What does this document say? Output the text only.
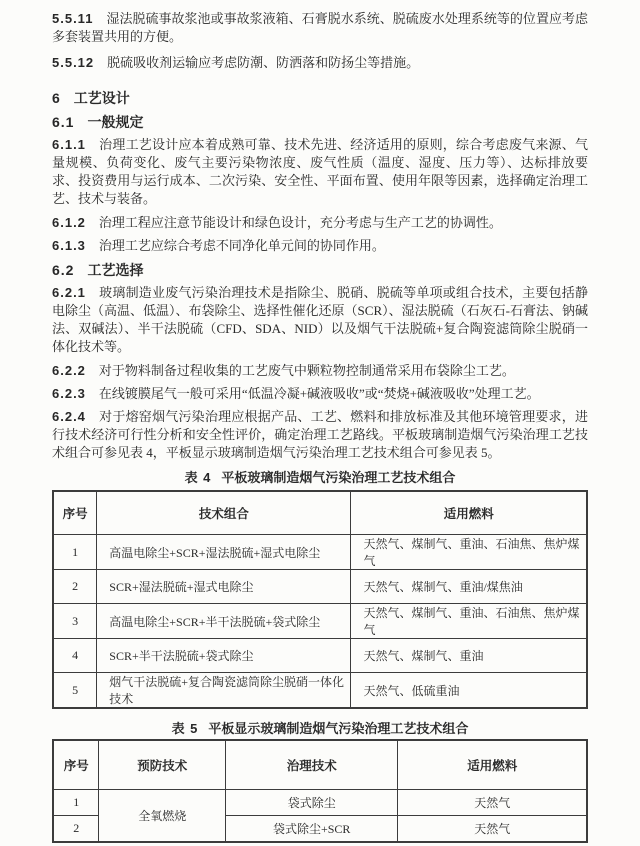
5.5.11 湿法脱硫事故浆池或事故浆液箱、石膏脱水系统、脱硫废水处理系统等的位置应考虑多套装置共用的方便。

5.5.12 脱硫吸收剂运输应考虑防潮、防洒落和防扬尘等措施。

6 工艺设计
6.1 一般规定

6.1.1 治理工艺设计应本着成熟可靠、技术先进、经济适用的原则，综合考虑废气来源、气量规模、负荷变化、废气主要污染物浓度、废气性质（温度、湿度、压力等）、达标排放要求、投资费用与运行成本、二次污染、安全性、平面布置、使用年限等因素，选择确定治理工艺、技术与装备。

6.1.2 治理工程应注意节能设计和绿色设计，充分考虑与生产工艺的协调性。

6.1.3 治理工艺应综合考虑不同净化单元间的协同作用。

6.2 工艺选择

6.2.1 玻璃制造业废气污染治理技术是指除尘、脱硝、脱硫等单项或组合技术，主要包括静电除尘（高温、低温）、布袋除尘、选择性催化还原（SCR）、湿法脱硫（石灰石-石膏法、钠碱法、双碱法）、半干法脱硫（CFD、SDA、NID）以及烟气干法脱硫+复合陶瓷滤筒除尘脱硝一体化技术等。

6.2.2 对于物料制备过程收集的工艺废气中颗粒物控制通常采用布袋除尘工艺。

6.2.3 在线镀膜尾气一般可采用“低温冷凝+碱液吸收”或“焚烧+碱液吸收”处理工艺。

6.2.4 对于熔窑烟气污染治理应根据产品、工艺、燃料和排放标准及其他环境管理要求，进行技术经济可行性分析和安全性评价，确定治理工艺路线。平板玻璃制造烟气污染治理工艺技术组合可参见表 4，平板显示玻璃制造烟气污染治理工艺技术组合可参见表 5。

表 4 平板玻璃制造烟气污染治理工艺技术组合
序号	技术组合	适用燃料
1	高温电除尘+SCR+湿法脱硫+湿式电除尘	天然气、煤制气、重油、石油焦、焦炉煤气
2	SCR+湿法脱硫+湿式电除尘	天然气、煤制气、重油/煤焦油
3	高温电除尘+SCR+半干法脱硫+袋式除尘	天然气、煤制气、重油、石油焦、焦炉煤气
4	SCR+半干法脱硫+袋式除尘	天然气、煤制气、重油
5	烟气干法脱硫+复合陶瓷滤筒除尘脱硝一体化技术	天然气、低硫重油
表 5 平板显示玻璃制造烟气污染治理工艺技术组合
序号	预防技术	治理技术	适用燃料
1	全氧燃烧	袋式除尘	天然气
2		袋式除尘+SCR	天然气
